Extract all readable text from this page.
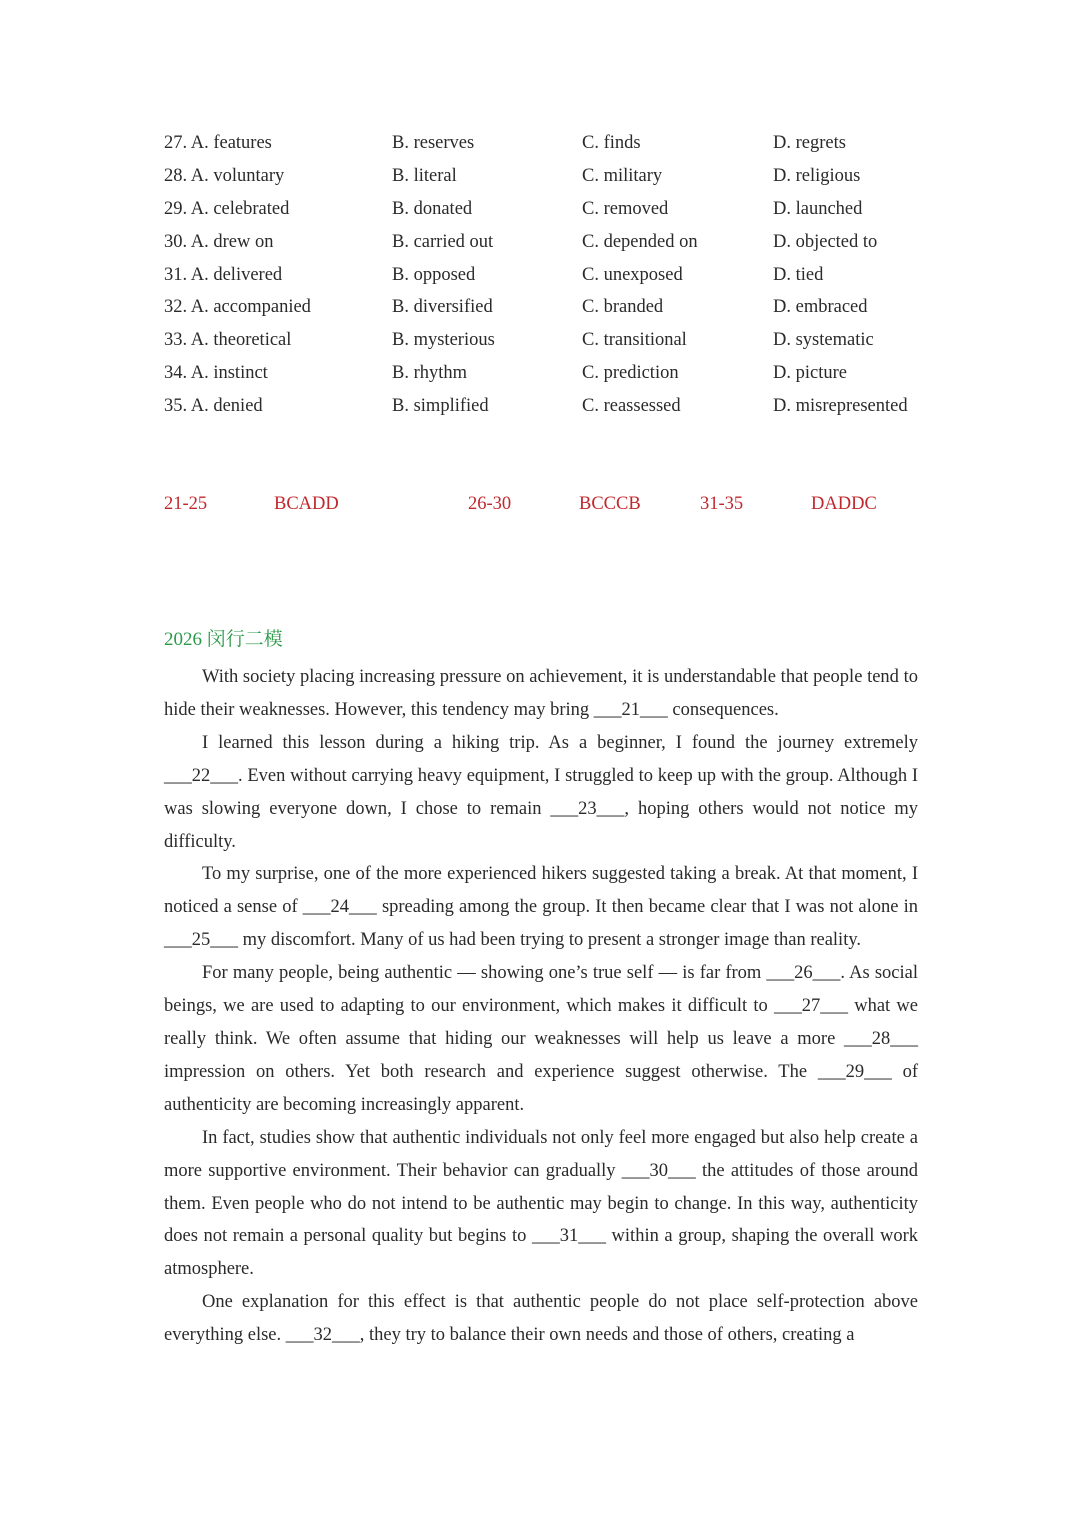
27. A. features	B. reserves	C. finds	D. regrets
28. A. voluntary	B. literal	C. military	D. religious
29. A. celebrated	B. donated	C. removed	D. launched
30. A. drew on	B. carried out	C. depended on	D. objected to
31. A. delivered	B. opposed	C. unexposed	D. tied
32. A. accompanied	B. diversified	C. branded	D. embraced
33. A. theoretical	B. mysterious	C. transitional	D. systematic
34. A. instinct	B. rhythm	C. prediction	D. picture
35. A. denied	B. simplified	C. reassessed	D. misrepresented
21-25	BCADD	26-30	BCCCB	31-35	DADDC
2026 闵行二模

With society placing increasing pressure on achievement, it is understandable that people tend to hide their weaknesses. However, this tendency may bring ___21___ consequences.

I learned this lesson during a hiking trip. As a beginner, I found the journey extremely ___22___. Even without carrying heavy equipment, I struggled to keep up with the group. Although I was slowing everyone down, I chose to remain ___23___, hoping others would not notice my difficulty.

To my surprise, one of the more experienced hikers suggested taking a break. At that moment, I noticed a sense of ___24___ spreading among the group. It then became clear that I was not alone in ___25___ my discomfort. Many of us had been trying to present a stronger image than reality.

For many people, being authentic — showing one’s true self — is far from ___26___. As social beings, we are used to adapting to our environment, which makes it difficult to ___27___ what we really think. We often assume that hiding our weaknesses will help us leave a more ___28___ impression on others. Yet both research and experience suggest otherwise. The ___29___ of authenticity are becoming increasingly apparent.

In fact, studies show that authentic individuals not only feel more engaged but also help create a more supportive environment. Their behavior can gradually ___30___ the attitudes of those around them. Even people who do not intend to be authentic may begin to change. In this way, authenticity does not remain a personal quality but begins to ___31___ within a group, shaping the overall work atmosphere.

One explanation for this effect is that authentic people do not place self-protection above everything else. ___32___, they try to balance their own needs and those of others, creating a
